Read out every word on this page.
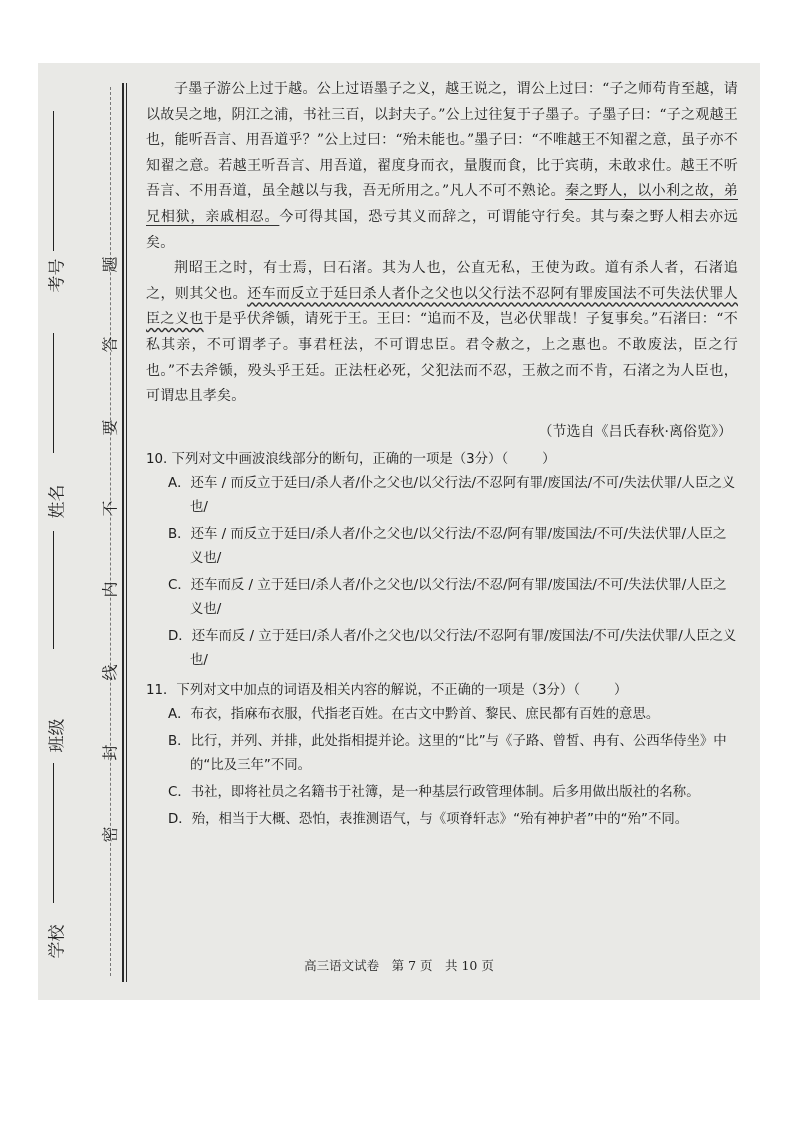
考号
姓名
班级
学校
题
答
要
不
内
线
封
密

子墨子游公上过于越。公上过语墨子之义，越王说之，谓公上过曰：“子之师苟肯至越，请以故吴之地，阴江之浦，书社三百，以封夫子。”公上过往复于子墨子。子墨子曰：“子之观越王也，能听吾言、用吾道乎？”公上过曰：“殆未能也。”墨子曰：“不唯越王不知翟之意，虽子亦不知翟之意。若越王听吾言、用吾道，翟度身而衣，量腹而食，比于宾萌，未敢求仕。越王不听吾言、不用吾道，虽全越以与我，吾无所用之。”凡人不可不熟论。秦之野人，以小利之故，弟兄相狱，亲戚相忍。今可得其国，恐亏其义而辞之，可谓能守行矣。其与秦之野人相去亦远矣。

荆昭王之时，有士焉，曰石渚。其为人也，公直无私，王使为政。道有杀人者，石渚追之，则其父也。还车而反立于廷曰杀人者仆之父也以父行法不忍阿有罪废国法不可失法伏罪人臣之义也于是乎伏斧锧，请死于王。王曰：“追而不及，岂必伏罪哉！子复事矣。”石渚曰：“不私其亲，不可谓孝子。事君枉法，不可谓忠臣。君令赦之，上之惠也。不敢废法，臣之行也。”不去斧锧，殁头乎王廷。正法枉必死，父犯法而不忍，王赦之而不肯，石渚之为人臣也，可谓忠且孝矣。

（节选自《吕氏春秋·离俗览》）
10. 下列对文中画波浪线部分的断句，正确的一项是（3分）（	）
A．还车 / 而反立于廷曰/杀人者/仆之父也/以父行法/不忍阿有罪/废国法/不可/失法伏罪/人臣之义也/
B．还车 / 而反立于廷曰/杀人者/仆之父也/以父行法/不忍/阿有罪/废国法/不可/失法伏罪/人臣之义也/
C．还车而反 / 立于廷曰/杀人者/仆之父也/以父行法/不忍/阿有罪/废国法/不可/失法伏罪/人臣之义也/
D．还车而反 / 立于廷曰/杀人者/仆之父也/以父行法/不忍阿有罪/废国法/不可/失法伏罪/人臣之义也/
11．下列对文中加点的词语及相关内容的解说，不正确的一项是（3分）（	）
A．布衣，指麻布衣服，代指老百姓。在古文中黔首、黎民、庶民都有百姓的意思。
B．比行，并列、并排，此处指相提并论。这里的“比”与《子路、曾皙、冉有、公西华侍坐》中的“比及三年”不同。
C．书社，即将社员之名籍书于社簿，是一种基层行政管理体制。后多用做出版社的名称。
D．殆，相当于大概、恐怕，表推测语气，与《项脊轩志》“殆有神护者”中的“殆”不同。
高三语文试卷　第 7 页　共 10 页
